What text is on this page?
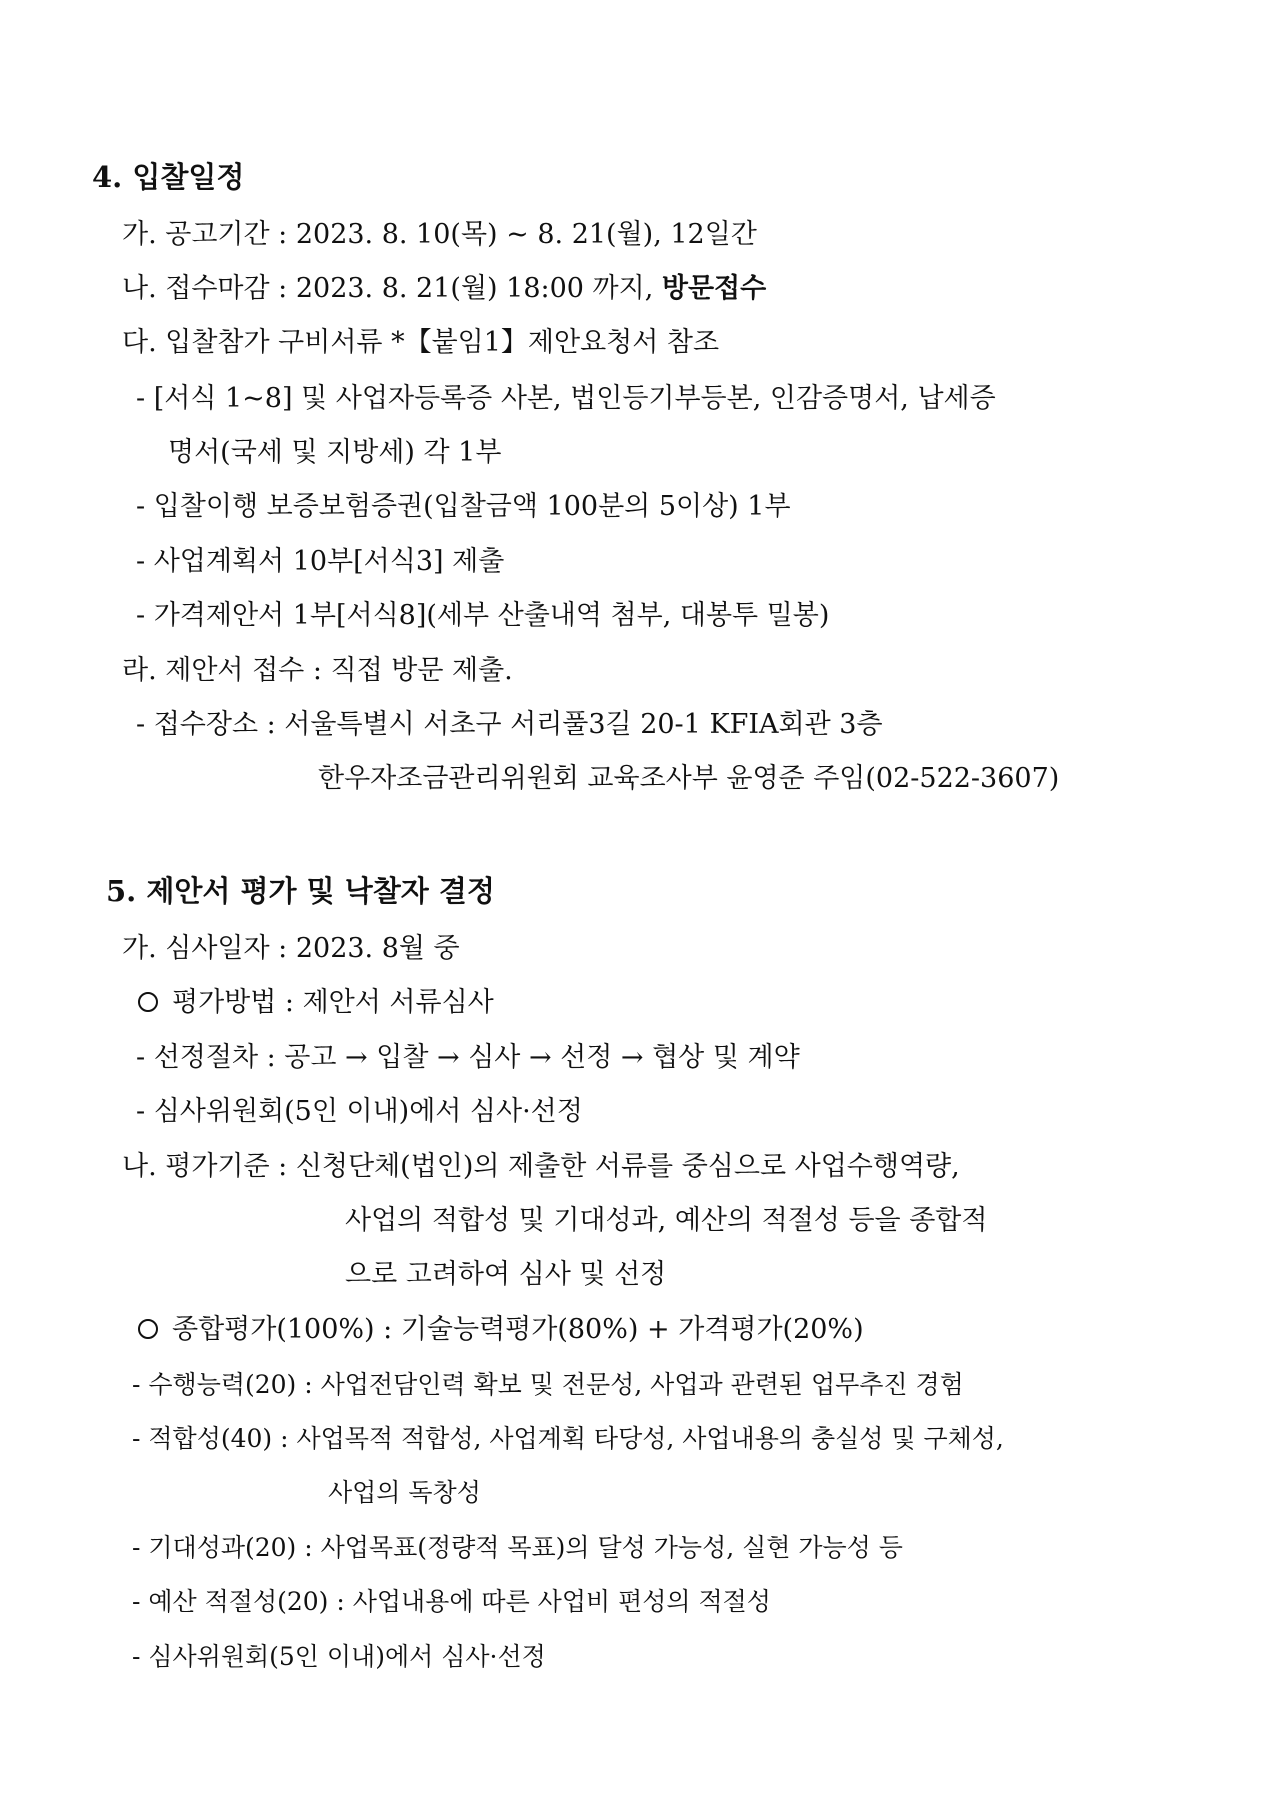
4. 입찰일정
가. 공고기간 : 2023. 8. 10(목) ~ 8. 21(월), 12일간
나. 접수마감 : 2023. 8. 21(월) 18:00 까지, 방문접수
다. 입찰참가 구비서류 *【붙임1】제안요청서 참조
- [서식 1~8] 및 사업자등록증 사본, 법인등기부등본, 인감증명서, 납세증
명서(국세 및 지방세) 각 1부
- 입찰이행 보증보험증권(입찰금액 100분의 5이상) 1부
- 사업계획서 10부[서식3] 제출
- 가격제안서 1부[서식8](세부 산출내역 첨부, 대봉투 밀봉)
라. 제안서 접수 : 직접 방문 제출.
- 접수장소 : 서울특별시 서초구 서리풀3길 20-1 KFIA회관 3층
한우자조금관리위원회 교육조사부 윤영준 주임(02-522-3607)
5. 제안서 평가 및 낙찰자 결정
가. 심사일자 : 2023. 8월 중
평가방법 : 제안서 서류심사
- 선정절차 : 공고 → 입찰 → 심사 → 선정 → 협상 및 계약
- 심사위원회(5인 이내)에서 심사·선정
나. 평가기준 : 신청단체(법인)의 제출한 서류를 중심으로 사업수행역량,
사업의 적합성 및 기대성과, 예산의 적절성 등을 종합적
으로 고려하여 심사 및 선정
종합평가(100%) : 기술능력평가(80%) + 가격평가(20%)
- 수행능력(20) : 사업전담인력 확보 및 전문성, 사업과 관련된 업무추진 경험
- 적합성(40) : 사업목적 적합성, 사업계획 타당성, 사업내용의 충실성 및 구체성,
사업의 독창성
- 기대성과(20) : 사업목표(정량적 목표)의 달성 가능성, 실현 가능성 등
- 예산 적절성(20) : 사업내용에 따른 사업비 편성의 적절성
- 심사위원회(5인 이내)에서 심사·선정
